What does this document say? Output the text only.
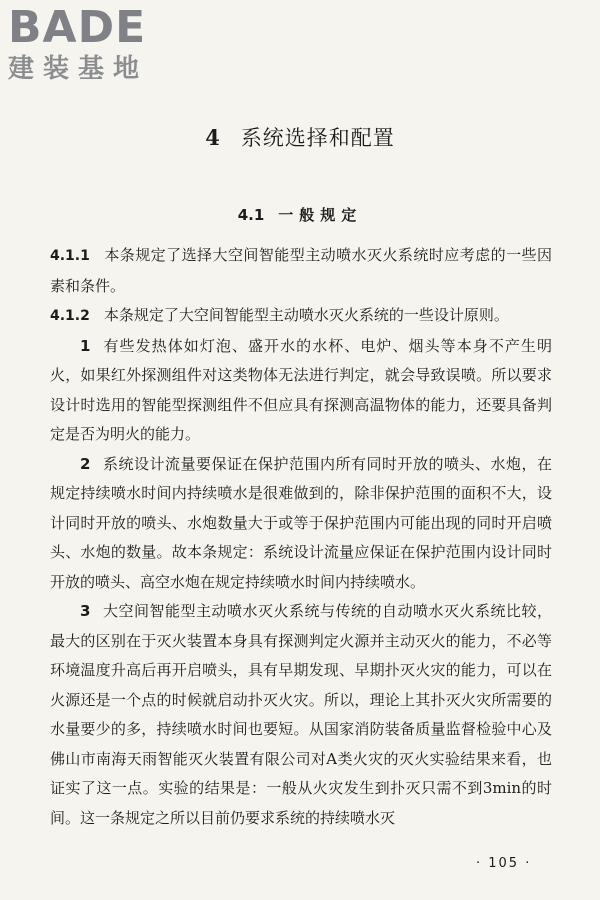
BADE
建装基地
4 系统选择和配置
4.1 一般规定

4.1.1 本条规定了选择大空间智能型主动喷水灭火系统时应考虑的一些因素和条件。

4.1.2 本条规定了大空间智能型主动喷水灭火系统的一些设计原则。

1 有些发热体如灯泡、盛开水的水杯、电炉、烟头等本身不产生明火，如果红外探测组件对这类物体无法进行判定，就会导致误喷。所以要求设计时选用的智能型探测组件不但应具有探测高温物体的能力，还要具备判定是否为明火的能力。

2 系统设计流量要保证在保护范围内所有同时开放的喷头、水炮，在规定持续喷水时间内持续喷水是很难做到的，除非保护范围的面积不大，设计同时开放的喷头、水炮数量大于或等于保护范围内可能出现的同时开启喷头、水炮的数量。故本条规定：系统设计流量应保证在保护范围内设计同时开放的喷头、高空水炮在规定持续喷水时间内持续喷水。

3 大空间智能型主动喷水灭火系统与传统的自动喷水灭火系统比较，最大的区别在于灭火装置本身具有探测判定火源并主动灭火的能力，不必等环境温度升高后再开启喷头，具有早期发现、早期扑灭火灾的能力，可以在火源还是一个点的时候就启动扑灭火灾。所以，理论上其扑灭火灾所需要的水量要少的多，持续喷水时间也要短。从国家消防装备质量监督检验中心及佛山市南海天雨智能灭火装置有限公司对A类火灾的灭火实验结果来看，也证实了这一点。实验的结果是：一般从火灾发生到扑灭只需不到3min的时间。这一条规定之所以目前仍要求系统的持续喷水灭

· 105 ·
